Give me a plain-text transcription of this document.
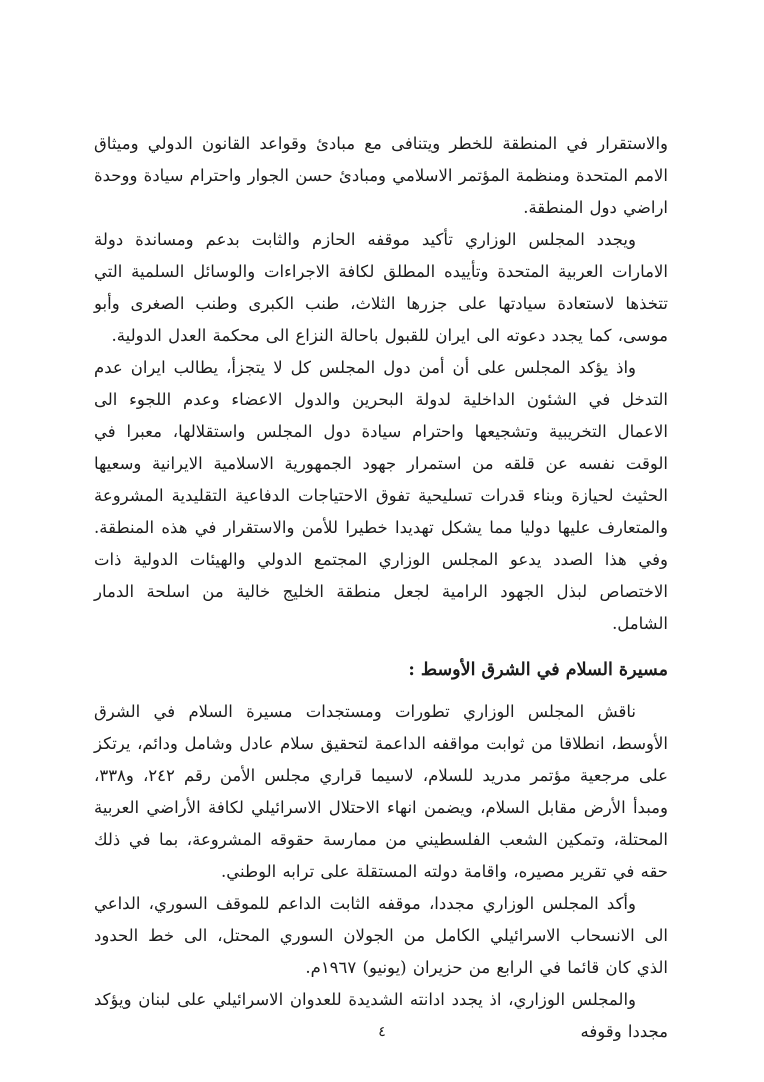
والاستقرار في المنطقة للخطر ويتنافى مع مبادئ وقواعد القانون الدولي وميثاق الامم المتحدة ومنظمة المؤتمر الاسلامي ومبادئ حسن الجوار واحترام سيادة ووحدة اراضي دول المنطقة.

ويجدد المجلس الوزاري تأكيد موقفه الحازم والثابت بدعم ومساندة دولة الامارات العربية المتحدة وتأييده المطلق لكافة الاجراءات والوسائل السلمية التي تتخذها لاستعادة سيادتها على جزرها الثلاث، طنب الكبرى وطنب الصغرى وأبو موسى، كما يجدد دعوته الى ايران للقبول باحالة النزاع الى محكمة العدل الدولية.

واذ يؤكد المجلس على أن أمن دول المجلس كل لا يتجزأ، يطالب ايران عدم التدخل في الشئون الداخلية لدولة البحرين والدول الاعضاء وعدم اللجوء الى الاعمال التخريبية وتشجيعها واحترام سيادة دول المجلس واستقلالها، معبرا في الوقت نفسه عن قلقه من استمرار جهود الجمهورية الاسلامية الايرانية وسعيها الحثيث لحيازة وبناء قدرات تسليحية تفوق الاحتياجات الدفاعية التقليدية المشروعة والمتعارف عليها دوليا مما يشكل تهديدا خطيرا للأمن والاستقرار في هذه المنطقة. وفي هذا الصدد يدعو المجلس الوزاري المجتمع الدولي والهيئات الدولية ذات الاختصاص لبذل الجهود الرامية لجعل منطقة الخليج خالية من اسلحة الدمار الشامل.

مسيرة السلام في الشرق الأوسط :

ناقش المجلس الوزاري تطورات ومستجدات مسيرة السلام في الشرق الأوسط، انطلاقا من ثوابت مواقفه الداعمة لتحقيق سلام عادل وشامل ودائم، يرتكز على مرجعية مؤتمر مدريد للسلام، لاسيما قراري مجلس الأمن رقم ٢٤٢، و٣٣٨، ومبدأ الأرض مقابل السلام، ويضمن انهاء الاحتلال الاسرائيلي لكافة الأراضي العربية المحتلة، وتمكين الشعب الفلسطيني من ممارسة حقوقه المشروعة، بما في ذلك حقه في تقرير مصيره، واقامة دولته المستقلة على ترابه الوطني.

وأكد المجلس الوزاري مجددا، موقفه الثابت الداعم للموقف السوري، الداعي الى الانسحاب الاسرائيلي الكامل من الجولان السوري المحتل، الى خط الحدود الذي كان قائما في الرابع من حزيران (يونيو) ١٩٦٧م.

والمجلس الوزاري، اذ يجدد ادانته الشديدة للعدوان الاسرائيلي على لبنان ويؤكد مجددا وقوفه

٤
